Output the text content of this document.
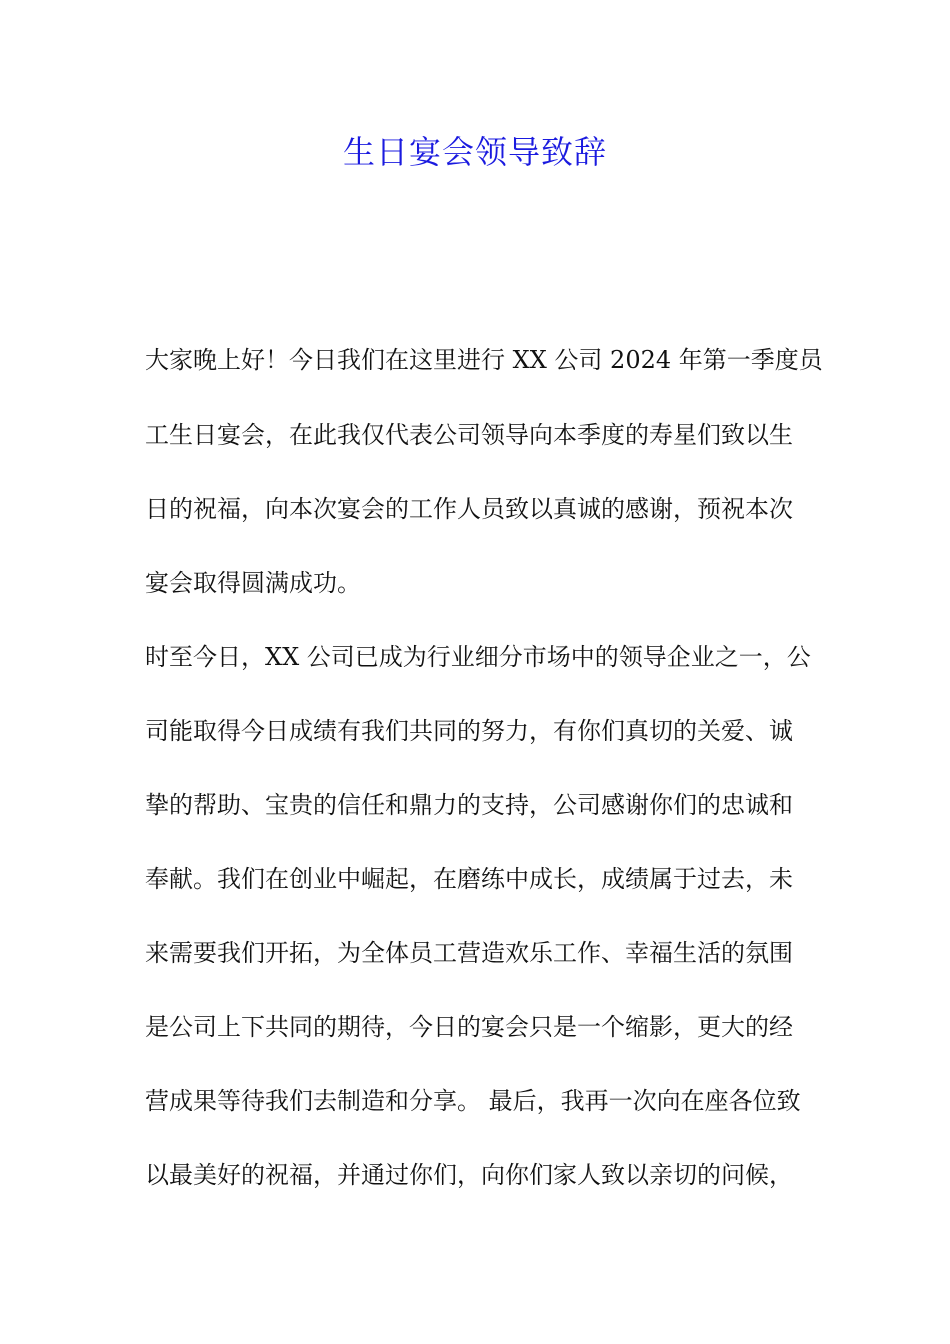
生日宴会领导致辞

大家晚上好！今日我们在这里进行 XX 公司 2024 年第一季度员

工生日宴会，在此我仅代表公司领导向本季度的寿星们致以生

日的祝福，向本次宴会的工作人员致以真诚的感谢，预祝本次

宴会取得圆满成功。

时至今日，XX 公司已成为行业细分市场中的领导企业之一，公

司能取得今日成绩有我们共同的努力，有你们真切的关爱、诚

挚的帮助、宝贵的信任和鼎力的支持，公司感谢你们的忠诚和

奉献。我们在创业中崛起，在磨练中成长，成绩属于过去，未

来需要我们开拓，为全体员工营造欢乐工作、幸福生活的氛围

是公司上下共同的期待，今日的宴会只是一个缩影，更大的经

营成果等待我们去制造和分享。 最后，我再一次向在座各位致

以最美好的祝福，并通过你们，向你们家人致以亲切的问候，
